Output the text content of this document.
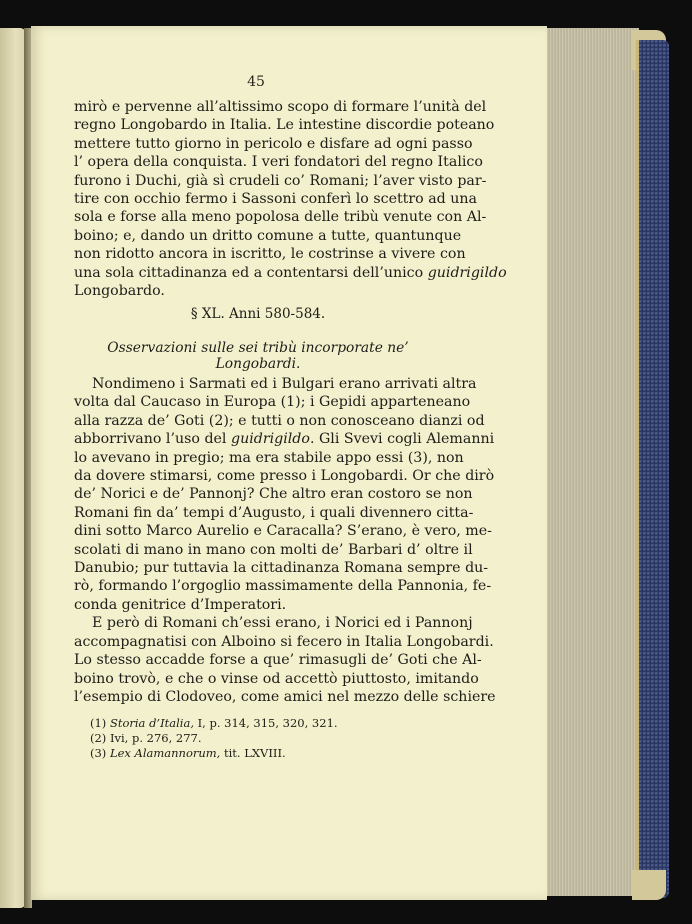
45
mirò e pervenne all’altissimo scopo di formare l’unità del
regno Longobardo in Italia. Le intestine discordie poteano
mettere tutto giorno in pericolo e disfare ad ogni passo
l’ opera della conquista. I veri fondatori del regno Italico
furono i Duchi, già sì crudeli co’ Romani; l’aver visto par-
tire con occhio fermo i Sassoni conferì lo scettro ad una
sola e forse alla meno popolosa delle tribù venute con Al-
boino; e, dando un dritto comune a tutte, quantunque
non ridotto ancora in iscritto, le costrinse a vivere con
una sola cittadinanza ed a contentarsi dell’unico guidrigildo
Longobardo.
§ XL. Anni 580-584.
Osservazioni sulle sei tribù incorporate ne’ Longobardi.
Nondimeno i Sarmati ed i Bulgari erano arrivati altra
volta dal Caucaso in Europa (1); i Gepidi apparteneano
alla razza de’ Goti (2); e tutti o non conosceano dianzi od
abborrivano l’uso del guidrigildo. Gli Svevi cogli Alemanni
lo avevano in pregio; ma era stabile appo essi (3), non
da dovere stimarsi, come presso i Longobardi. Or che dirò
de’ Norici e de’ Pannonj? Che altro eran costoro se non
Romani fin da’ tempi d’Augusto, i quali divennero citta-
dini sotto Marco Aurelio e Caracalla? S’erano, è vero, me-
scolati di mano in mano con molti de’ Barbari d’ oltre il
Danubio; pur tuttavia la cittadinanza Romana sempre du-
rò, formando l’orgoglio massimamente della Pannonia, fe-
conda genitrice d’Imperatori.
E però di Romani ch’essi erano, i Norici ed i Pannonj
accompagnatisi con Alboino si fecero in Italia Longobardi.
Lo stesso accadde forse a que’ rimasugli de’ Goti che Al-
boino trovò, e che o vinse od accettò piuttosto, imitando
l’esempio di Clodoveo, come amici nel mezzo delle schiere
(1) Storia d’Italia, I, p. 314, 315, 320, 321.
(2) Ivi, p. 276, 277.
(3) Lex Alamannorum, tit. LXVIII.
